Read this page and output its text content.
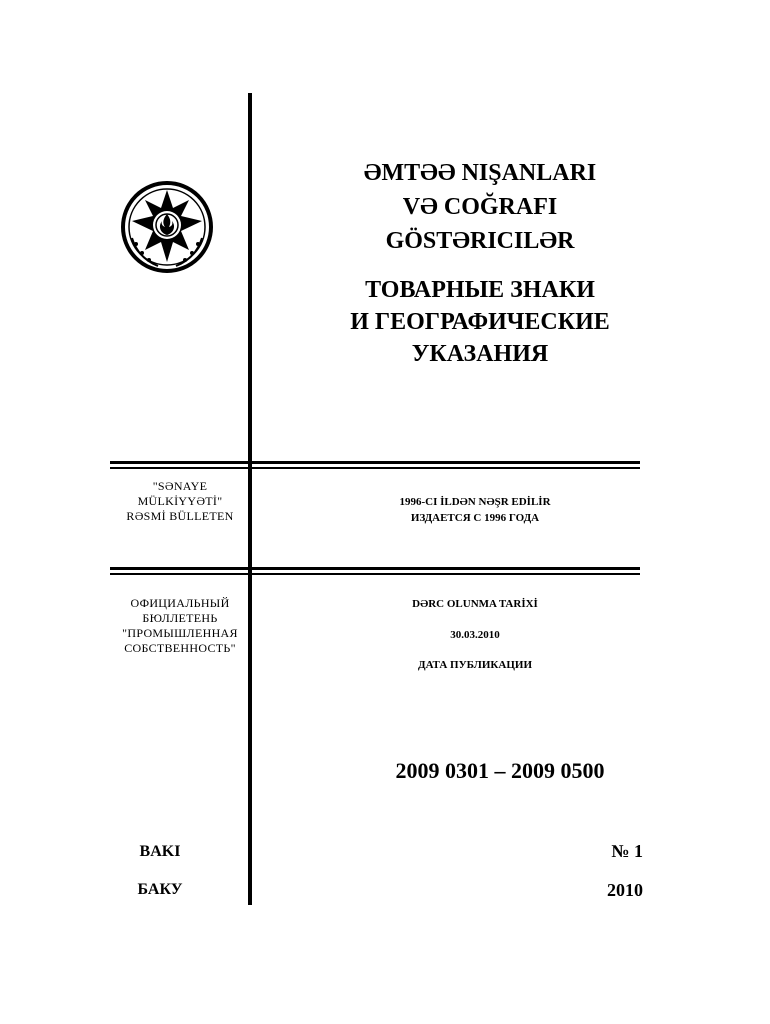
ƏMTƏƏ NIŞANLARI
VƏ COĞRAFI
GÖSTƏRICILƏR
ТОВАРНЫЕ ЗНАКИ
И ГЕОГРАФИЧЕСКИЕ
УКАЗАНИЯ
"SƏNAYE
MÜLKİYYƏTİ"
RƏSMİ BÜLLETEN
1996-CI İLDƏN NƏŞR EDİLİR
ИЗДАЕТСЯ С 1996 ГОДА
ОФИЦИАЛЬНЫЙ
БЮЛЛЕТЕНЬ
"ПРОМЫШЛЕННАЯ
СОБСТВЕННОСТЬ"
DƏRC OLUNMA TARİXİ
30.03.2010
ДАТА ПУБЛИКАЦИИ
2009 0301 – 2009 0500
BAKI
БАКУ
№ 1
2010
